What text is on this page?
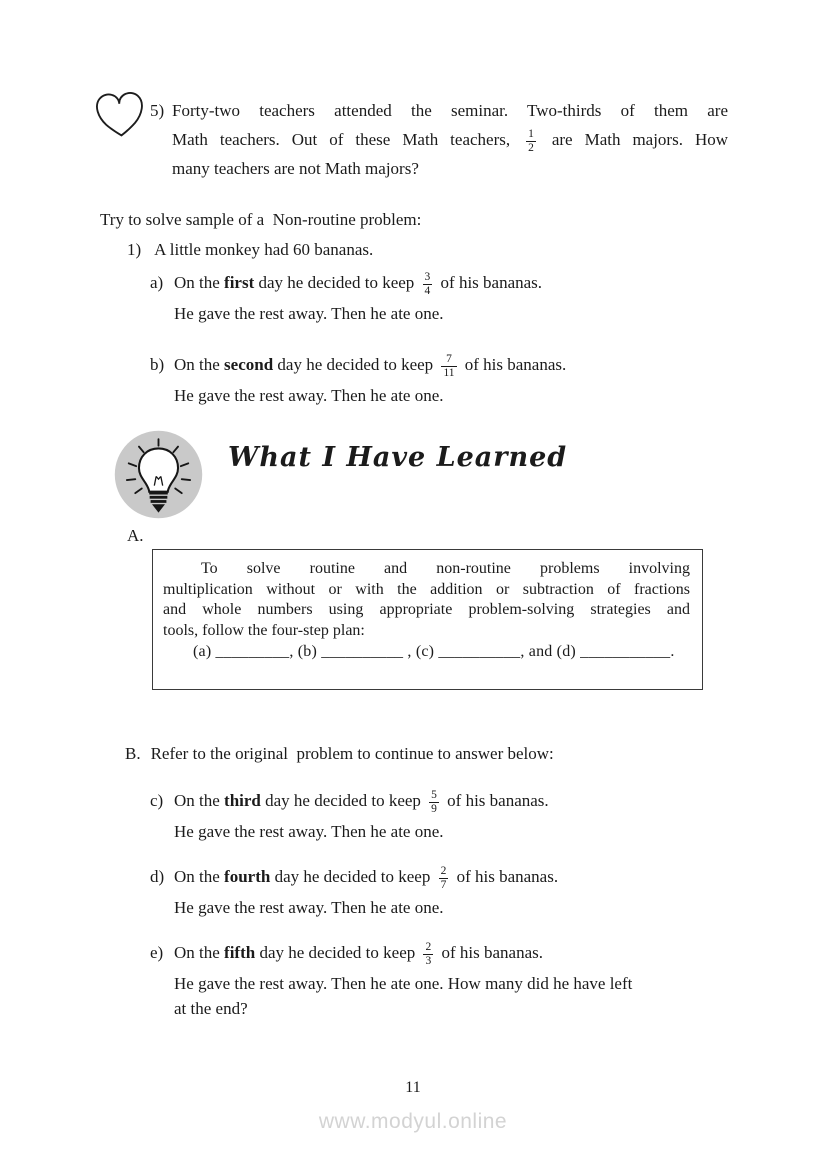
5) Forty-two teachers attended the seminar. Two-thirds of them are
Math teachers. Out of these Math teachers, $\frac{1}{2}$ are Math majors. How
many teachers are not Math majors?
Try to solve sample of a  Non-routine problem:
1) A little monkey had 60 bananas.
a) On the first day he decided to keep $\frac{3}{4}$ of his bananas.
He gave the rest away. Then he ate one.
b) On the second day he decided to keep $\frac{7}{11}$ of his bananas.
He gave the rest away. Then he ate one.
What I Have Learned
A.
To solve routine and non-routine problems involving
multiplication without or with the addition or subtraction of fractions
and whole numbers using appropriate problem-solving strategies and
tools, follow the four-step plan:
(a) _________, (b) __________ , (c) __________, and (d) ___________.
B. Refer to the original  problem to continue to answer below:
c) On the third day he decided to keep $\frac{5}{9}$ of his bananas.
He gave the rest away. Then he ate one.
d) On the fourth day he decided to keep $\frac{2}{7}$ of his bananas.
He gave the rest away. Then he ate one.
e) On the fifth day he decided to keep $\frac{2}{3}$ of his bananas.
He gave the rest away. Then he ate one. How many did he have left
at the end?
11
www.modyul.online
